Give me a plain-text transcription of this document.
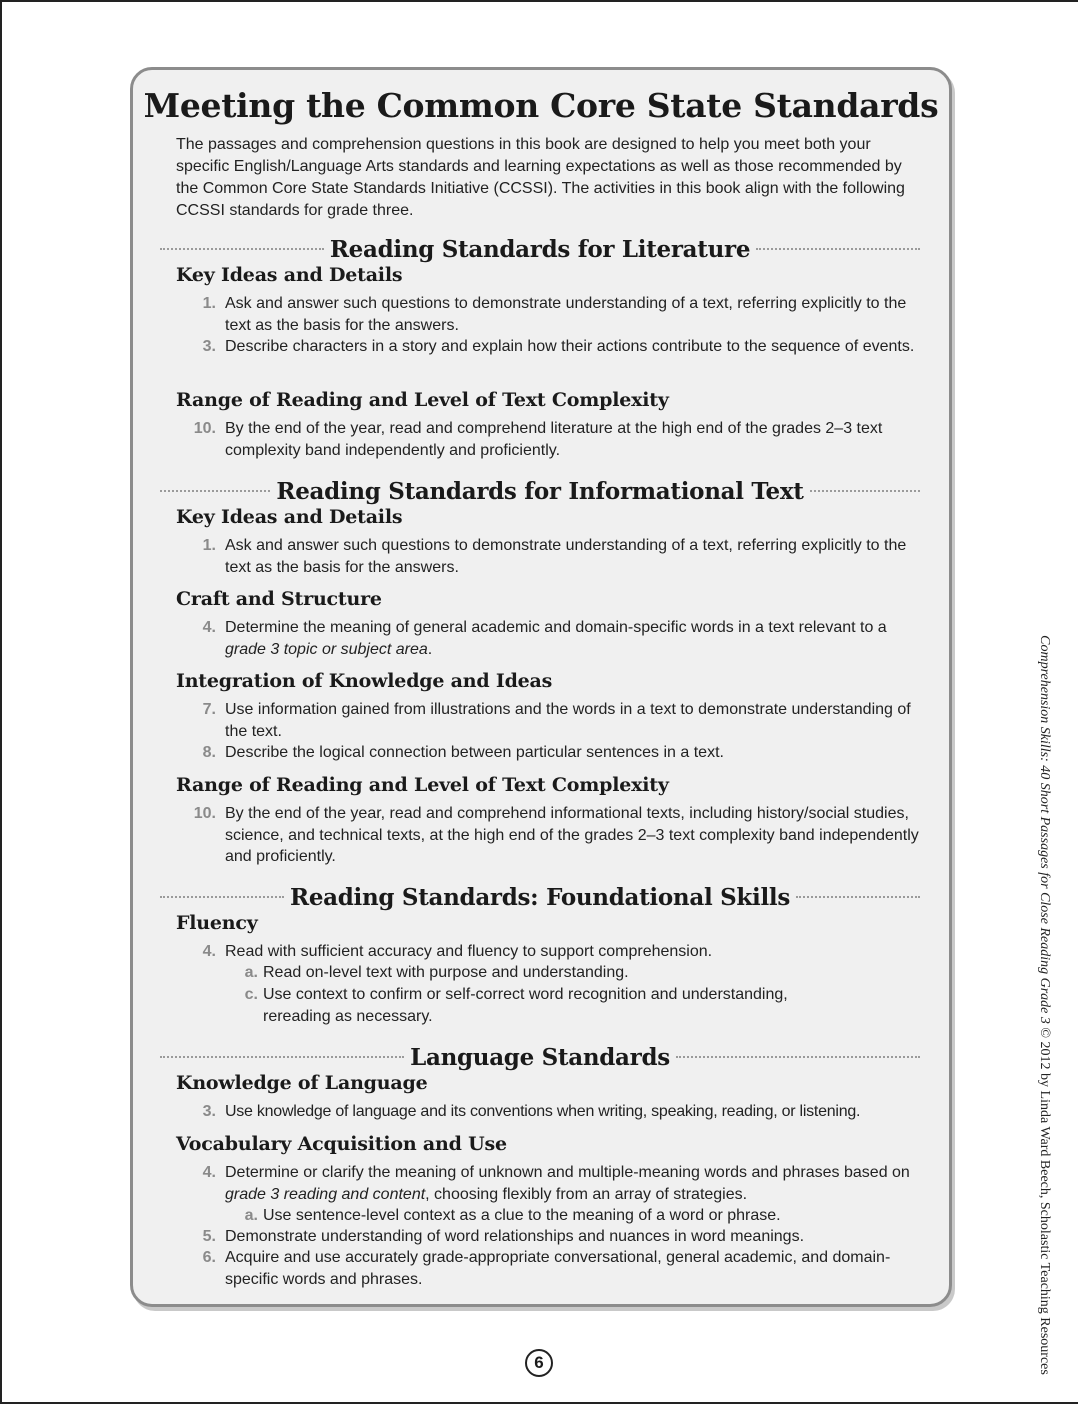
Meeting the Common Core State Standards

The passages and comprehension questions in this book are designed to help you meet both your specific English/Language Arts standards and learning expectations as well as those recommended by the Common Core State Standards Initiative (CCSSI). The activities in this book align with the following CCSSI standards for grade three.

Reading Standards for Literature
Key Ideas and Details
1. Ask and answer such questions to demonstrate understanding of a text, referring explicitly to the text as the basis for the answers.
3. Describe characters in a story and explain how their actions contribute to the sequence of events.
Range of Reading and Level of Text Complexity
10. By the end of the year, read and comprehend literature at the high end of the grades 2–3 text complexity band independently and proficiently.
Reading Standards for Informational Text
Key Ideas and Details
1. Ask and answer such questions to demonstrate understanding of a text, referring explicitly to the text as the basis for the answers.
Craft and Structure
4. Determine the meaning of general academic and domain-specific words in a text relevant to a grade 3 topic or subject area.
Integration of Knowledge and Ideas
7. Use information gained from illustrations and the words in a text to demonstrate understanding of the text.
8. Describe the logical connection between particular sentences in a text.
Range of Reading and Level of Text Complexity
10. By the end of the year, read and comprehend informational texts, including history/social studies, science, and technical texts, at the high end of the grades 2–3 text complexity band independently and proficiently.
Reading Standards: Foundational Skills
Fluency
4. Read with sufficient accuracy and fluency to support comprehension.
a. Read on-level text with purpose and understanding.
c. Use context to confirm or self-correct word recognition and understanding, rereading as necessary.
Language Standards
Knowledge of Language
3. Use knowledge of language and its conventions when writing, speaking, reading, or listening.
Vocabulary Acquisition and Use
4. Determine or clarify the meaning of unknown and multiple-meaning words and phrases based on grade 3 reading and content, choosing flexibly from an array of strategies.
a. Use sentence-level context as a clue to the meaning of a word or phrase.
5. Demonstrate understanding of word relationships and nuances in word meanings.
6. Acquire and use accurately grade-appropriate conversational, general academic, and domain-specific words and phrases.
6
Comprehension Skills: 40 Short Passages for Close Reading Grade 3 © 2012 by Linda Ward Beech, Scholastic Teaching Resources
